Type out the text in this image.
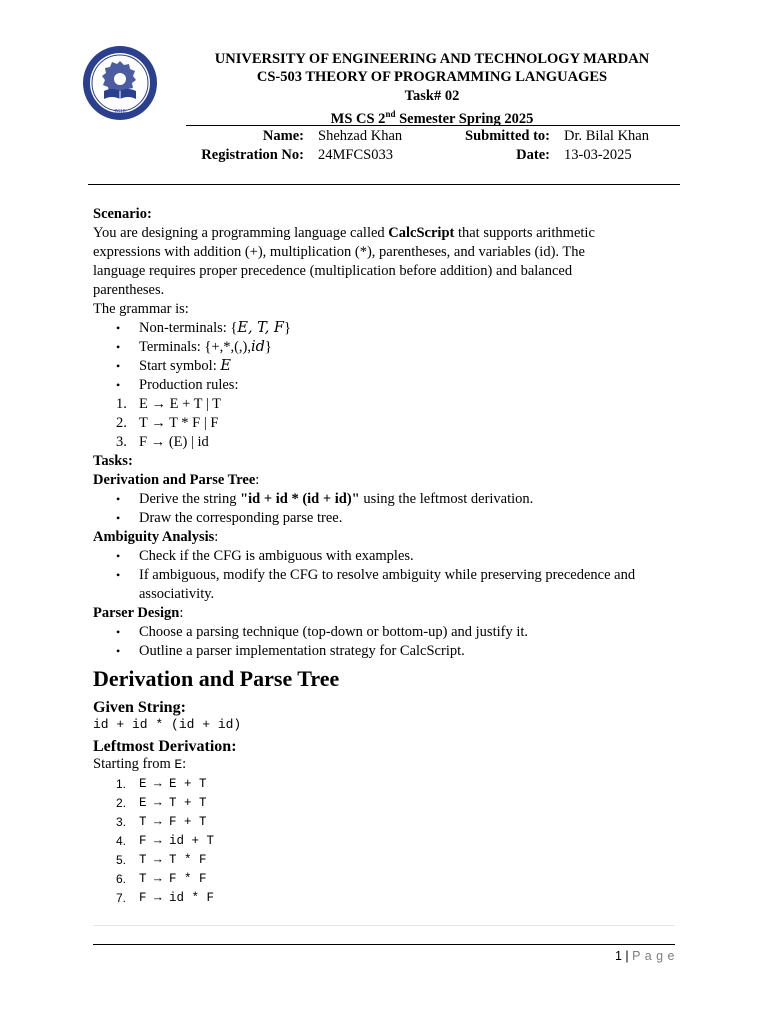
2018
UNIVERSITY OF ENGINEERING AND TECHNOLOGY MARDAN
CS-503 THEORY OF PROGRAMMING LANGUAGES
Task# 02
MS CS 2nd Semester Spring 2025
Name: Shehzad Khan	Submitted to: Dr. Bilal Khan
Registration No: 24MFCS033	Date: 13-03-2025
Scenario:
You are designing a programming language called CalcScript that supports arithmetic
expressions with addition (+), multiplication (*), parentheses, and variables (id). The
language requires proper precedence (multiplication before addition) and balanced
parentheses.
The grammar is:
• Non-terminals: {E, T, F}
• Terminals: {+,*,(,),id}
• Start symbol: E
• Production rules:
1. E → E + T | T
2. T → T * F | F
3. F → (E) | id
Tasks:
Derivation and Parse Tree:
• Derive the string "id + id * (id + id)" using the leftmost derivation.
• Draw the corresponding parse tree.
Ambiguity Analysis:
• Check if the CFG is ambiguous with examples.
• If ambiguous, modify the CFG to resolve ambiguity while preserving precedence and
associativity.
Parser Design:
• Choose a parsing technique (top-down or bottom-up) and justify it.
• Outline a parser implementation strategy for CalcScript.
Derivation and Parse Tree
Given String:
id + id * (id + id)
Leftmost Derivation:
Starting from E:
1. E → E + T
2. E → T + T
3. T → F + T
4. F → id + T
5. T → T * F
6. T → F * F
7. F → id * F
1 | P a g e
